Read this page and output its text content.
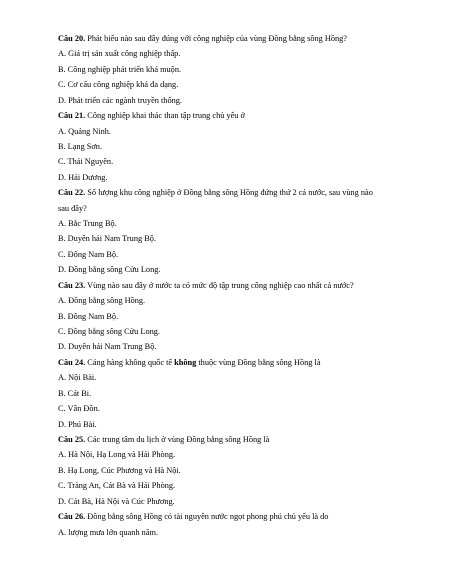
Câu 20. Phát biểu nào sau đây đúng với công nghiệp của vùng Đồng bằng sông Hồng?
A. Giá trị sản xuất công nghiệp thấp.
B. Công nghiệp phát triển khá muộn.
C. Cơ cấu công nghiệp khá đa dạng.
D. Phát triển các ngành truyền thống.
Câu 21. Công nghiệp khai thác than tập trung chủ yếu ở
A. Quảng Ninh.
B. Lạng Sơn.
C. Thái Nguyên.
D. Hải Dương.
Câu 22. Số lượng khu công nghiệp ở Đồng bằng sông Hồng đứng thứ 2 cả nước, sau vùng nào
sau đây?
A. Bắc Trung Bộ.
B. Duyên hải Nam Trung Bộ.
C. Đông Nam Bộ.
D. Đồng bằng sông Cửu Long.
Câu 23. Vùng nào sau đây ở nước ta có mức độ tập trung công nghiệp cao nhất cả nước?
A. Đồng bằng sông Hồng.
B. Đông Nam Bộ.
C. Đồng bằng sông Cửu Long.
D. Duyên hải Nam Trung Bộ.
Câu 24. Cảng hàng không quốc tế không thuộc vùng Đồng bằng sông Hồng là
A. Nội Bài.
B. Cát Bi.
C. Vân Đồn.
D. Phú Bài.
Câu 25. Các trung tâm du lịch ở vùng Đồng bằng sông Hồng là
A. Hà Nội, Hạ Long và Hải Phòng.
B. Hạ Long, Cúc Phương và Hà Nội.
C. Tràng An, Cát Bà và Hải Phòng.
D. Cát Bà, Hà Nội và Cúc Phương.
Câu 26. Đồng bằng sông Hồng có tài nguyên nước ngọt phong phú chủ yếu là do
A. lượng mưa lớn quanh năm.
